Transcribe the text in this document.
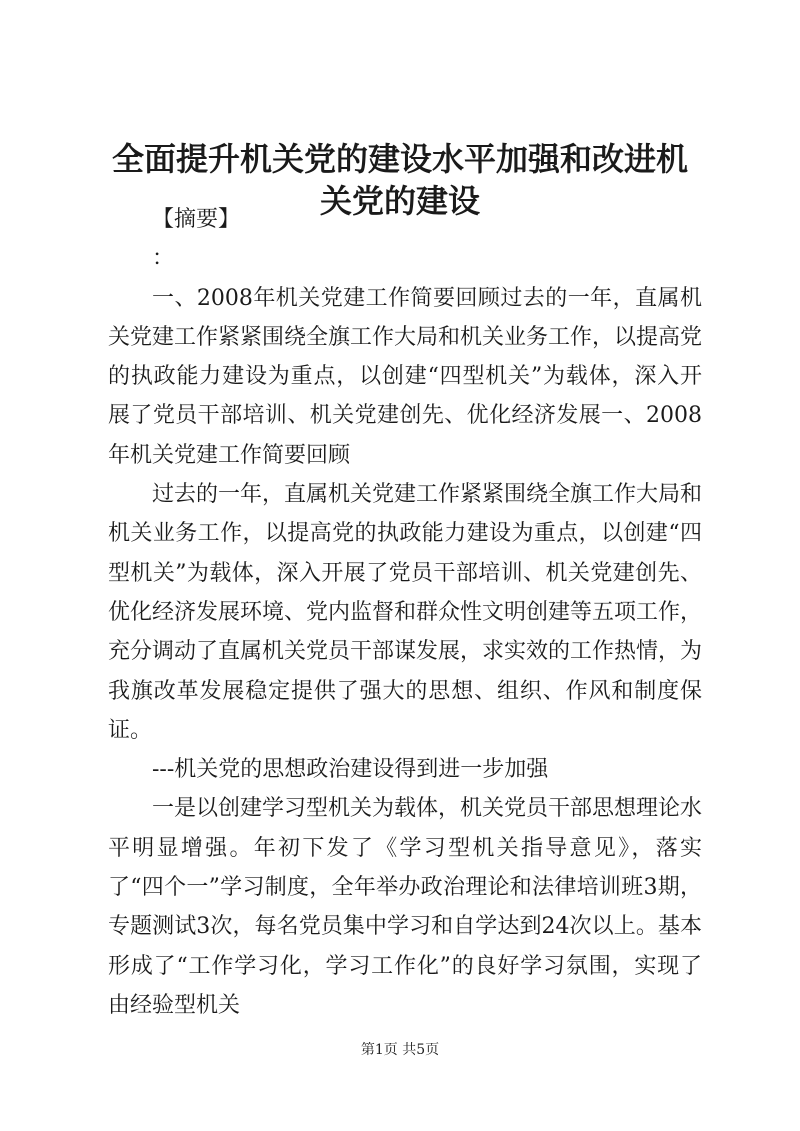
全面提升机关党的建设水平加强和改进机关党的建设

【摘要】

：

一、2008年机关党建工作简要回顾过去的一年，直属机关党建工作紧紧围绕全旗工作大局和机关业务工作，以提高党的执政能力建设为重点，以创建“四型机关”为载体，深入开展了党员干部培训、机关党建创先、优化经济发展一、2008年机关党建工作简要回顾

过去的一年，直属机关党建工作紧紧围绕全旗工作大局和机关业务工作，以提高党的执政能力建设为重点，以创建“四型机关”为载体，深入开展了党员干部培训、机关党建创先、优化经济发展环境、党内监督和群众性文明创建等五项工作，充分调动了直属机关党员干部谋发展，求实效的工作热情，为我旗改革发展稳定提供了强大的思想、组织、作风和制度保证。

---机关党的思想政治建设得到进一步加强

一是以创建学习型机关为载体，机关党员干部思想理论水平明显增强。年初下发了《学习型机关指导意见》，落实了“四个一”学习制度，全年举办政治理论和法律培训班3期，专题测试3次，每名党员集中学习和自学达到24次以上。基本形成了“工作学习化，学习工作化”的良好学习氛围，实现了由经验型机关

第1页 共5页
